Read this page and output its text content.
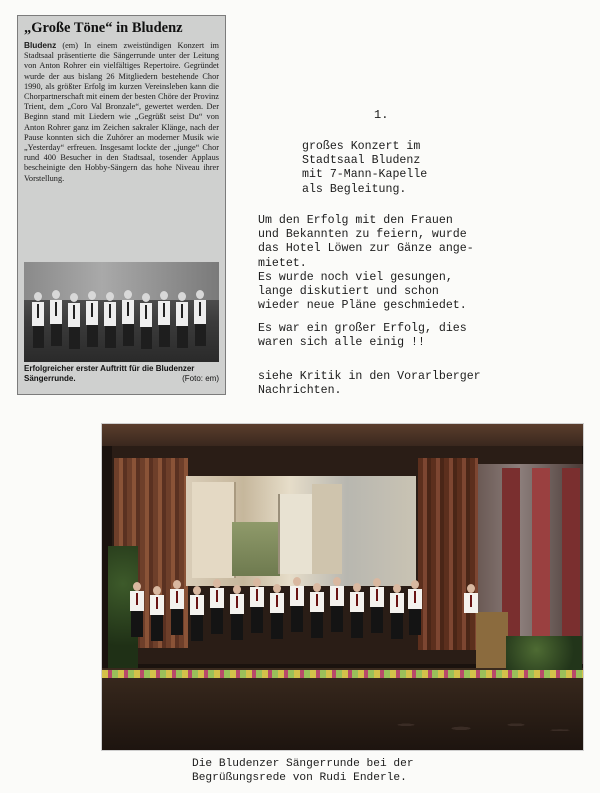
„Große Töne“ in Bludenz

Bludenz (em) In einem zweistündigen Konzert im Stadtsaal präsentierte die Sängerrunde unter der Leitung von Anton Rohrer ein vielfältiges Repertoire. Gegründet wurde der aus bislang 26 Mitgliedern bestehende Chor 1990, als größter Erfolg im kurzen Vereinsleben kann die Chorpartnerschaft mit einem der besten Chöre der Provinz Trient, dem „Coro Val Bronzale“, gewertet werden. Der Beginn stand mit Liedern wie „Gegrüßt seist Du“ von Anton Rohrer ganz im Zeichen sakraler Klänge, nach der Pause konnten sich die Zuhörer an moderner Musik wie „Yesterday“ erfreuen. Insgesamt lockte der „junge“ Chor rund 400 Besucher in den Stadtsaal, tosender Applaus bescheinigte den Hobby-Sängern das hohe Niveau ihrer Vorstellung.

Erfolgreicher erster Auftritt für die Bludenzer Sängerrunde.	(Foto: em)
1.
großes Konzert im
Stadtsaal Bludenz
mit 7-Mann-Kapelle
als Begleitung.
Um den Erfolg mit den Frauen
und Bekannten zu feiern, wurde
das Hotel Löwen zur Gänze ange-
mietet.
Es wurde noch viel gesungen,
lange diskutiert und schon
wieder neue Pläne geschmiedet.
Es war ein großer Erfolg, dies
waren sich alle einig !!
siehe Kritik in den Vorarlberger
Nachrichten.
Die Bludenzer Sängerrunde bei der
Begrüßungsrede von Rudi Enderle.
